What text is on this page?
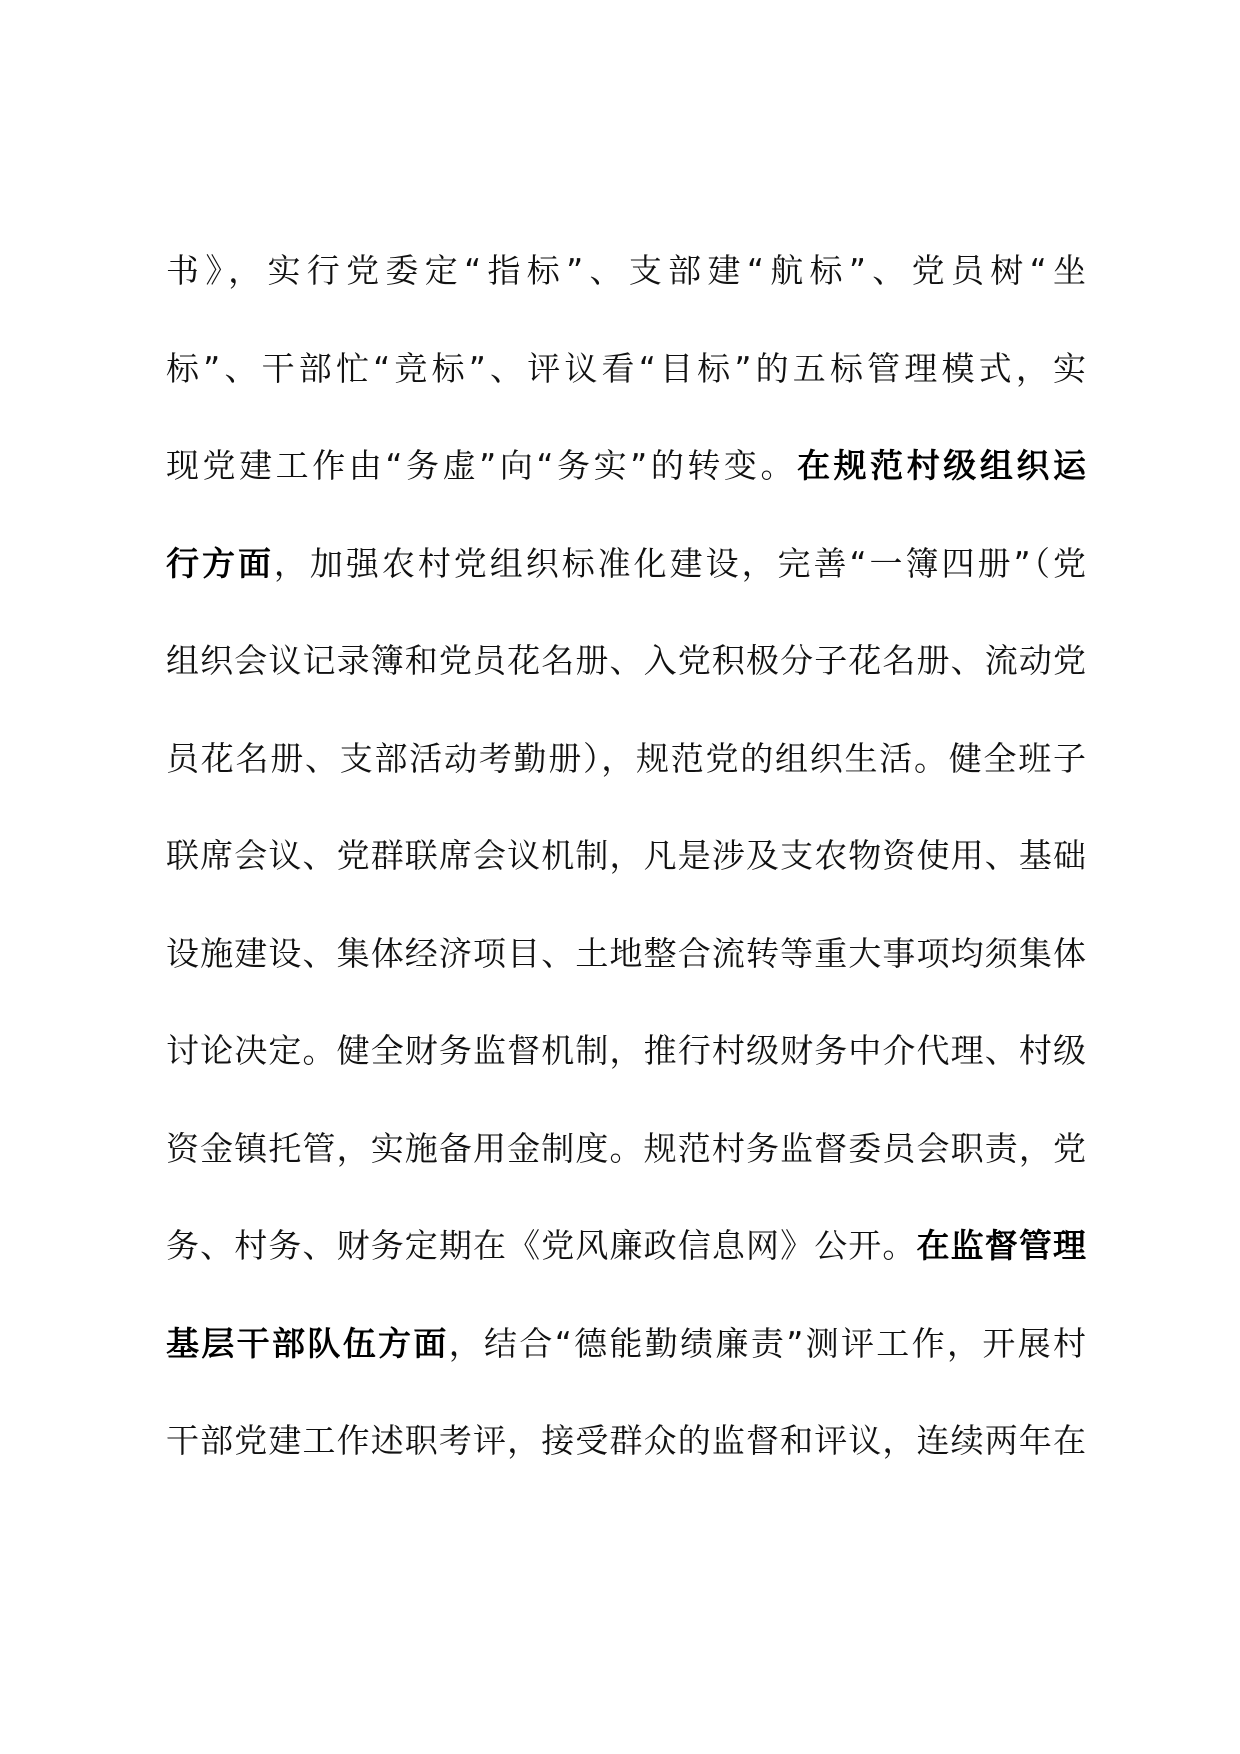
书》，实行党委定“指标”、支部建“航标”、党员树“坐
标”、干部忙“竞标”、评议看“目标”的五标管理模式，实
现党建工作由“务虚”向“务实”的转变。在规范村级组织运
行方面，加强农村党组织标准化建设，完善“一簿四册”（党
组织会议记录簿和党员花名册、入党积极分子花名册、流动党
员花名册、支部活动考勤册），规范党的组织生活。健全班子
联席会议、党群联席会议机制，凡是涉及支农物资使用、基础
设施建设、集体经济项目、土地整合流转等重大事项均须集体
讨论决定。健全财务监督机制，推行村级财务中介代理、村级
资金镇托管，实施备用金制度。规范村务监督委员会职责，党
务、村务、财务定期在《党风廉政信息网》公开。在监督管理
基层干部队伍方面，结合“德能勤绩廉责”测评工作，开展村
干部党建工作述职考评，接受群众的监督和评议，连续两年在
